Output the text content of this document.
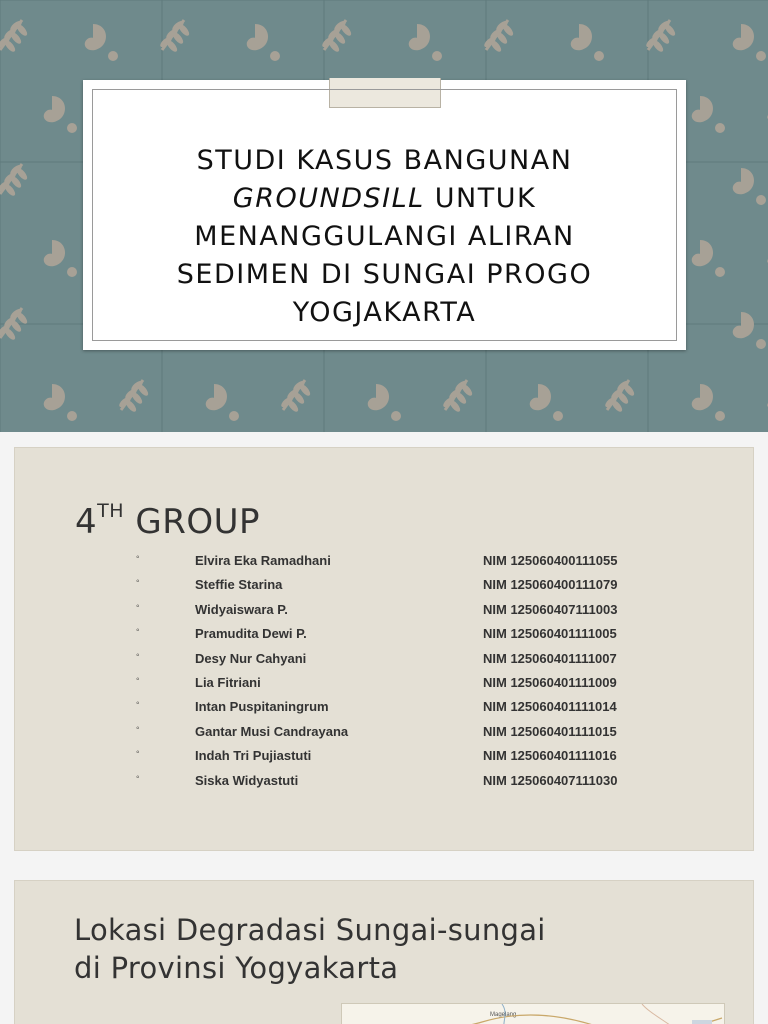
STUDI KASUS BANGUNAN
GROUNDSILL UNTUK
MENANGGULANGI ALIRAN
SEDIMEN DI SUNGAI PROGO
YOGJAKARTA
4TH GROUP
◦	Elvira Eka Ramadhani	NIM 125060400111055
◦	Steffie Starina	NIM 125060400111079
◦	Widyaiswara P.	NIM 125060407111003
◦	Pramudita Dewi P.	NIM 125060401111005
◦	Desy Nur Cahyani	NIM 125060401111007
◦	Lia Fitriani	NIM 125060401111009
◦	Intan Puspitaningrum	NIM 125060401111014
◦	Gantar Musi Candrayana	NIM 125060401111015
◦	Indah Tri Pujiastuti	NIM 125060401111016
◦	Siska Widyastuti	NIM 125060407111030
Lokasi Degradasi Sungai-sungai
di Provinsi Yogyakarta
Magelang
